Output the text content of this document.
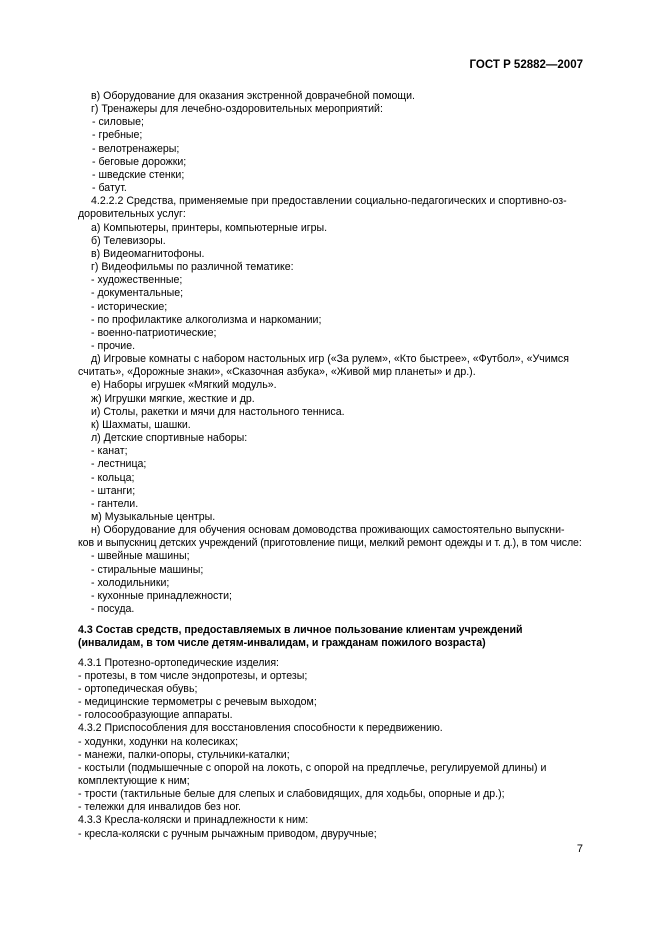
ГОСТ Р 52882—2007
в) Оборудование для оказания экстренной доврачебной помощи.
г) Тренажеры для лечебно-оздоровительных мероприятий:
- силовые;
- гребные;
- велотренажеры;
- беговые дорожки;
- шведские стенки;
- батут.
4.2.2.2 Средства, применяемые при предоставлении социально-педагогических и спортивно-оз-
доровительных услуг:
а) Компьютеры, принтеры, компьютерные игры.
б) Телевизоры.
в) Видеомагнитофоны.
г) Видеофильмы по различной тематике:
- художественные;
- документальные;
- исторические;
- по профилактике алкоголизма и наркомании;
- военно-патриотические;
- прочие.
д) Игровые комнаты с набором настольных игр («За рулем», «Кто быстрее», «Футбол», «Учимся
считать», «Дорожные знаки», «Сказочная азбука», «Живой мир планеты» и др.).
е) Наборы игрушек «Мягкий модуль».
ж) Игрушки мягкие, жесткие и др.
и) Столы, ракетки и мячи для настольного тенниса.
к) Шахматы, шашки.
л) Детские спортивные наборы:
- канат;
- лестница;
- кольца;
- штанги;
- гантели.
м) Музыкальные центры.
н) Оборудование для обучения основам домоводства проживающих самостоятельно выпускни-
ков и выпускниц детских учреждений (приготовление пищи, мелкий ремонт одежды и т. д.), в том числе:
- швейные машины;
- стиральные машины;
- холодильники;
- кухонные принадлежности;
- посуда.
4.3 Состав средств, предоставляемых в личное пользование клиентам учреждений
(инвалидам, в том числе детям-инвалидам, и гражданам пожилого возраста)
4.3.1 Протезно-ортопедические изделия:
- протезы, в том числе эндопротезы, и ортезы;
- ортопедическая обувь;
- медицинские термометры с речевым выходом;
- голосообразующие аппараты.
4.3.2 Приспособления для восстановления способности к передвижению.
- ходунки, ходунки на колесиках;
- манежи, палки-опоры, стульчики-каталки;
- костыли (подмышечные с опорой на локоть, с опорой на предплечье, регулируемой длины) и
комплектующие к ним;
- трости (тактильные белые для слепых и слабовидящих, для ходьбы, опорные и др.);
- тележки для инвалидов без ног.
4.3.3 Кресла-коляски и принадлежности к ним:
- кресла-коляски с ручным рычажным приводом, двуручные;
7
